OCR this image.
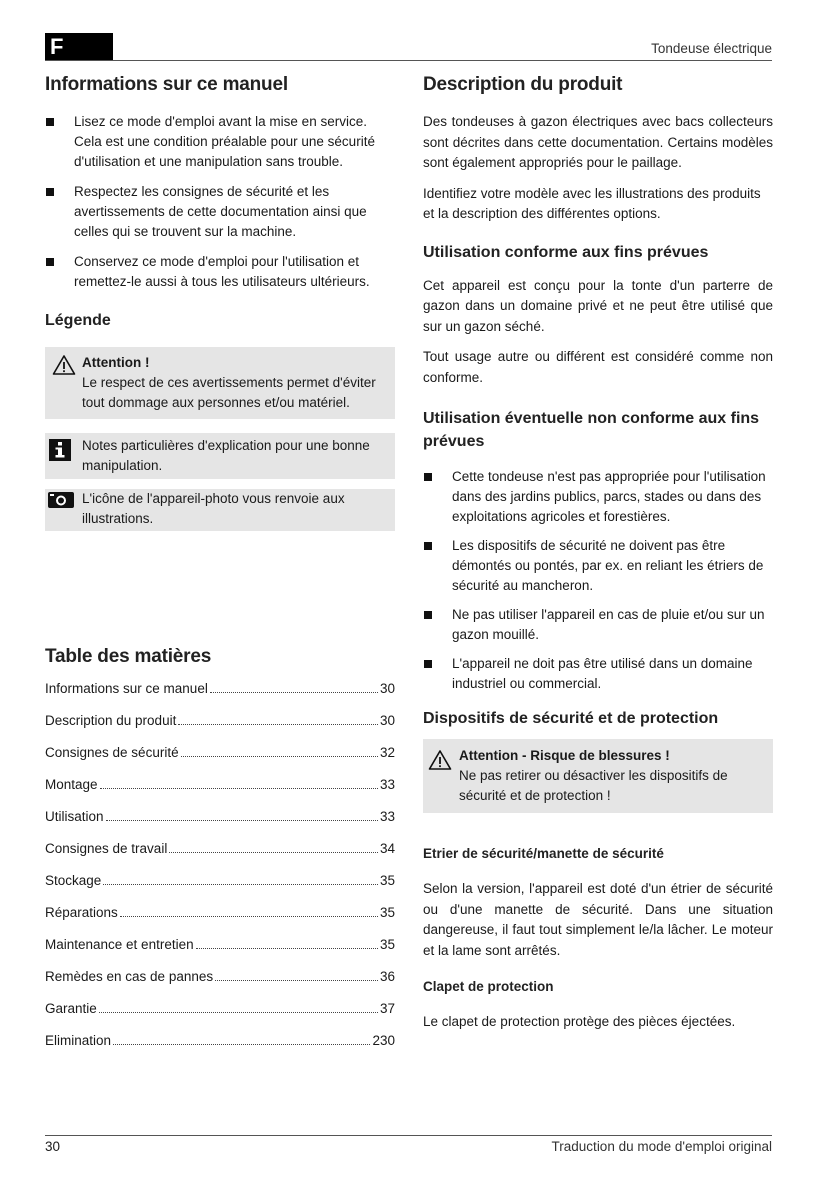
F	Tondeuse électrique
Informations sur ce manuel
Lisez ce mode d'emploi avant la mise en service. Cela est une condition préalable pour une sécurité d'utilisation et une manipulation sans trouble.
Respectez les consignes de sécurité et les avertissements de cette documentation ainsi que celles qui se trouvent sur la machine.
Conservez ce mode d'emploi pour l'utilisation et remettez-le aussi à tous les utilisateurs ultérieurs.
Légende
Attention !
Le respect de ces avertissements permet d'éviter tout dommage aux personnes et/ou matériel.
Notes particulières d'explication pour une bonne manipulation.
L'icône de l'appareil-photo vous renvoie aux illustrations.
Table des matières
Informations sur ce manuel	30
Description du produit	30
Consignes de sécurité	32
Montage	33
Utilisation	33
Consignes de travail	34
Stockage	35
Réparations	35
Maintenance et entretien	35
Remèdes en cas de pannes	36
Garantie	37
Elimination	230
Description du produit

Des tondeuses à gazon électriques avec bacs collecteurs sont décrites dans cette documentation. Certains modèles sont également appropriés pour le paillage.

Identifiez votre modèle avec les illustrations des produits et la description des différentes options.

Utilisation conforme aux fins prévues

Cet appareil est conçu pour la tonte d'un parterre de gazon dans un domaine privé et ne peut être utilisé que sur un gazon séché.

Tout usage autre ou différent est considéré comme non conforme.

Utilisation éventuelle non conforme aux fins prévues
Cette tondeuse n'est pas appropriée pour l'utilisation dans des jardins publics, parcs, stades ou dans des exploitations agricoles et forestières.
Les dispositifs de sécurité ne doivent pas être démontés ou pontés, par ex. en reliant les étriers de sécurité au mancheron.
Ne pas utiliser l'appareil en cas de pluie et/ou sur un gazon mouillé.
L'appareil ne doit pas être utilisé dans un domaine industriel ou commercial.
Dispositifs de sécurité et de protection
Attention - Risque de blessures !
Ne pas retirer ou désactiver les dispositifs de sécurité et de protection !
Etrier de sécurité/manette de sécurité

Selon la version, l'appareil est doté d'un étrier de sécurité ou d'une manette de sécurité. Dans une situation dangereuse, il faut tout simplement le/la lâcher. Le moteur et la lame sont arrêtés.

Clapet de protection

Le clapet de protection protège des pièces éjectées.

30	Traduction du mode d'emploi original
